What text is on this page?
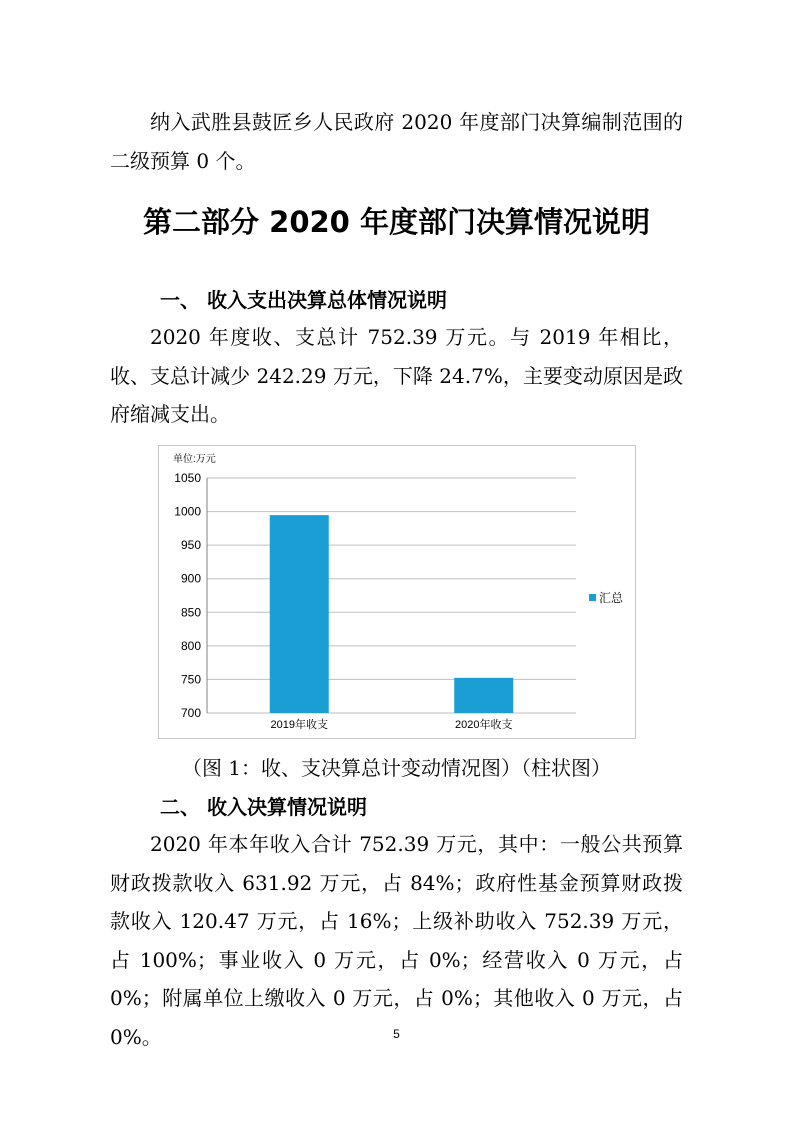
纳入武胜县鼓匠乡人民政府 2020 年度部门决算编制范围的二级预算 0 个。

第二部分 2020 年度部门决算情况说明
一、 收入支出决算总体情况说明

2020 年度收、支总计 752.39 万元。与 2019 年相比，收、支总计减少 242.29 万元，下降 24.7%，主要变动原因是政府缩减支出。

单位:万元
700
750
800
850
900
950
1000
1050
2019年收支	2020年收支
汇总

（图 1：收、支决算总计变动情况图）（柱状图）

二、 收入决算情况说明

2020 年本年收入合计 752.39 万元，其中：一般公共预算财政拨款收入 631.92 万元，占 84%；政府性基金预算财政拨款收入 120.47 万元，占 16%；上级补助收入 752.39 万元，占 100%；事业收入 0 万元，占 0%；经营收入 0 万元，占 0%；附属单位上缴收入 0 万元，占 0%；其他收入 0 万元，占 0%。	5
